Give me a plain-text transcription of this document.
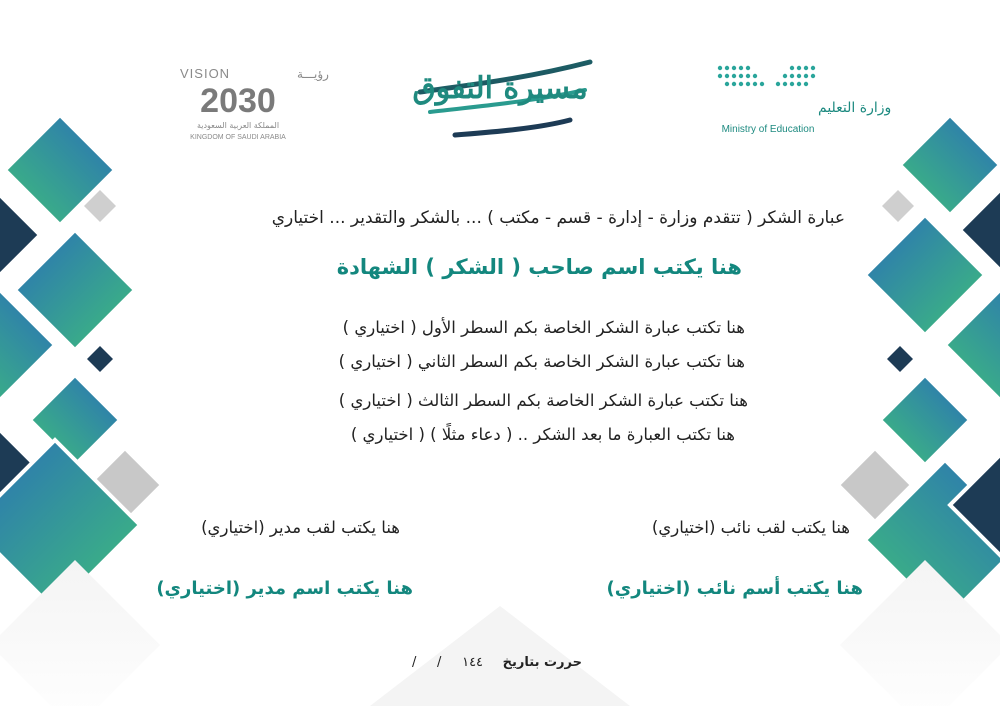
VISION	رؤيـــة
2030
المملكة العربية السعودية
KINGDOM OF SAUDI ARABIA
مسيرة التفوق
وزارة التعليم
Ministry of Education
عبارة الشكر ( تتقدم وزارة - إدارة - قسم - مكتب ) ... بالشكر والتقدير ... اختياري
هنا يكتب اسم صاحب ( الشكر ) الشهادة
هنا تكتب عبارة الشكر الخاصة بكم السطر الأول ( اختياري )
هنا تكتب عبارة الشكر الخاصة بكم السطر الثاني ( اختياري )
هنا تكتب عبارة الشكر الخاصة بكم السطر الثالث ( اختياري )
هنا تكتب العبارة ما بعد الشكر .. ( دعاء مثلًا ) ( اختياري )
هنا يكتب لقب نائب (اختياري)
هنا يكتب أسم نائب (اختياري)
هنا يكتب لقب مدير (اختياري)
هنا يكتب اسم مدير (اختياري)
حررت بتاريخ
/     /     ١٤٤
